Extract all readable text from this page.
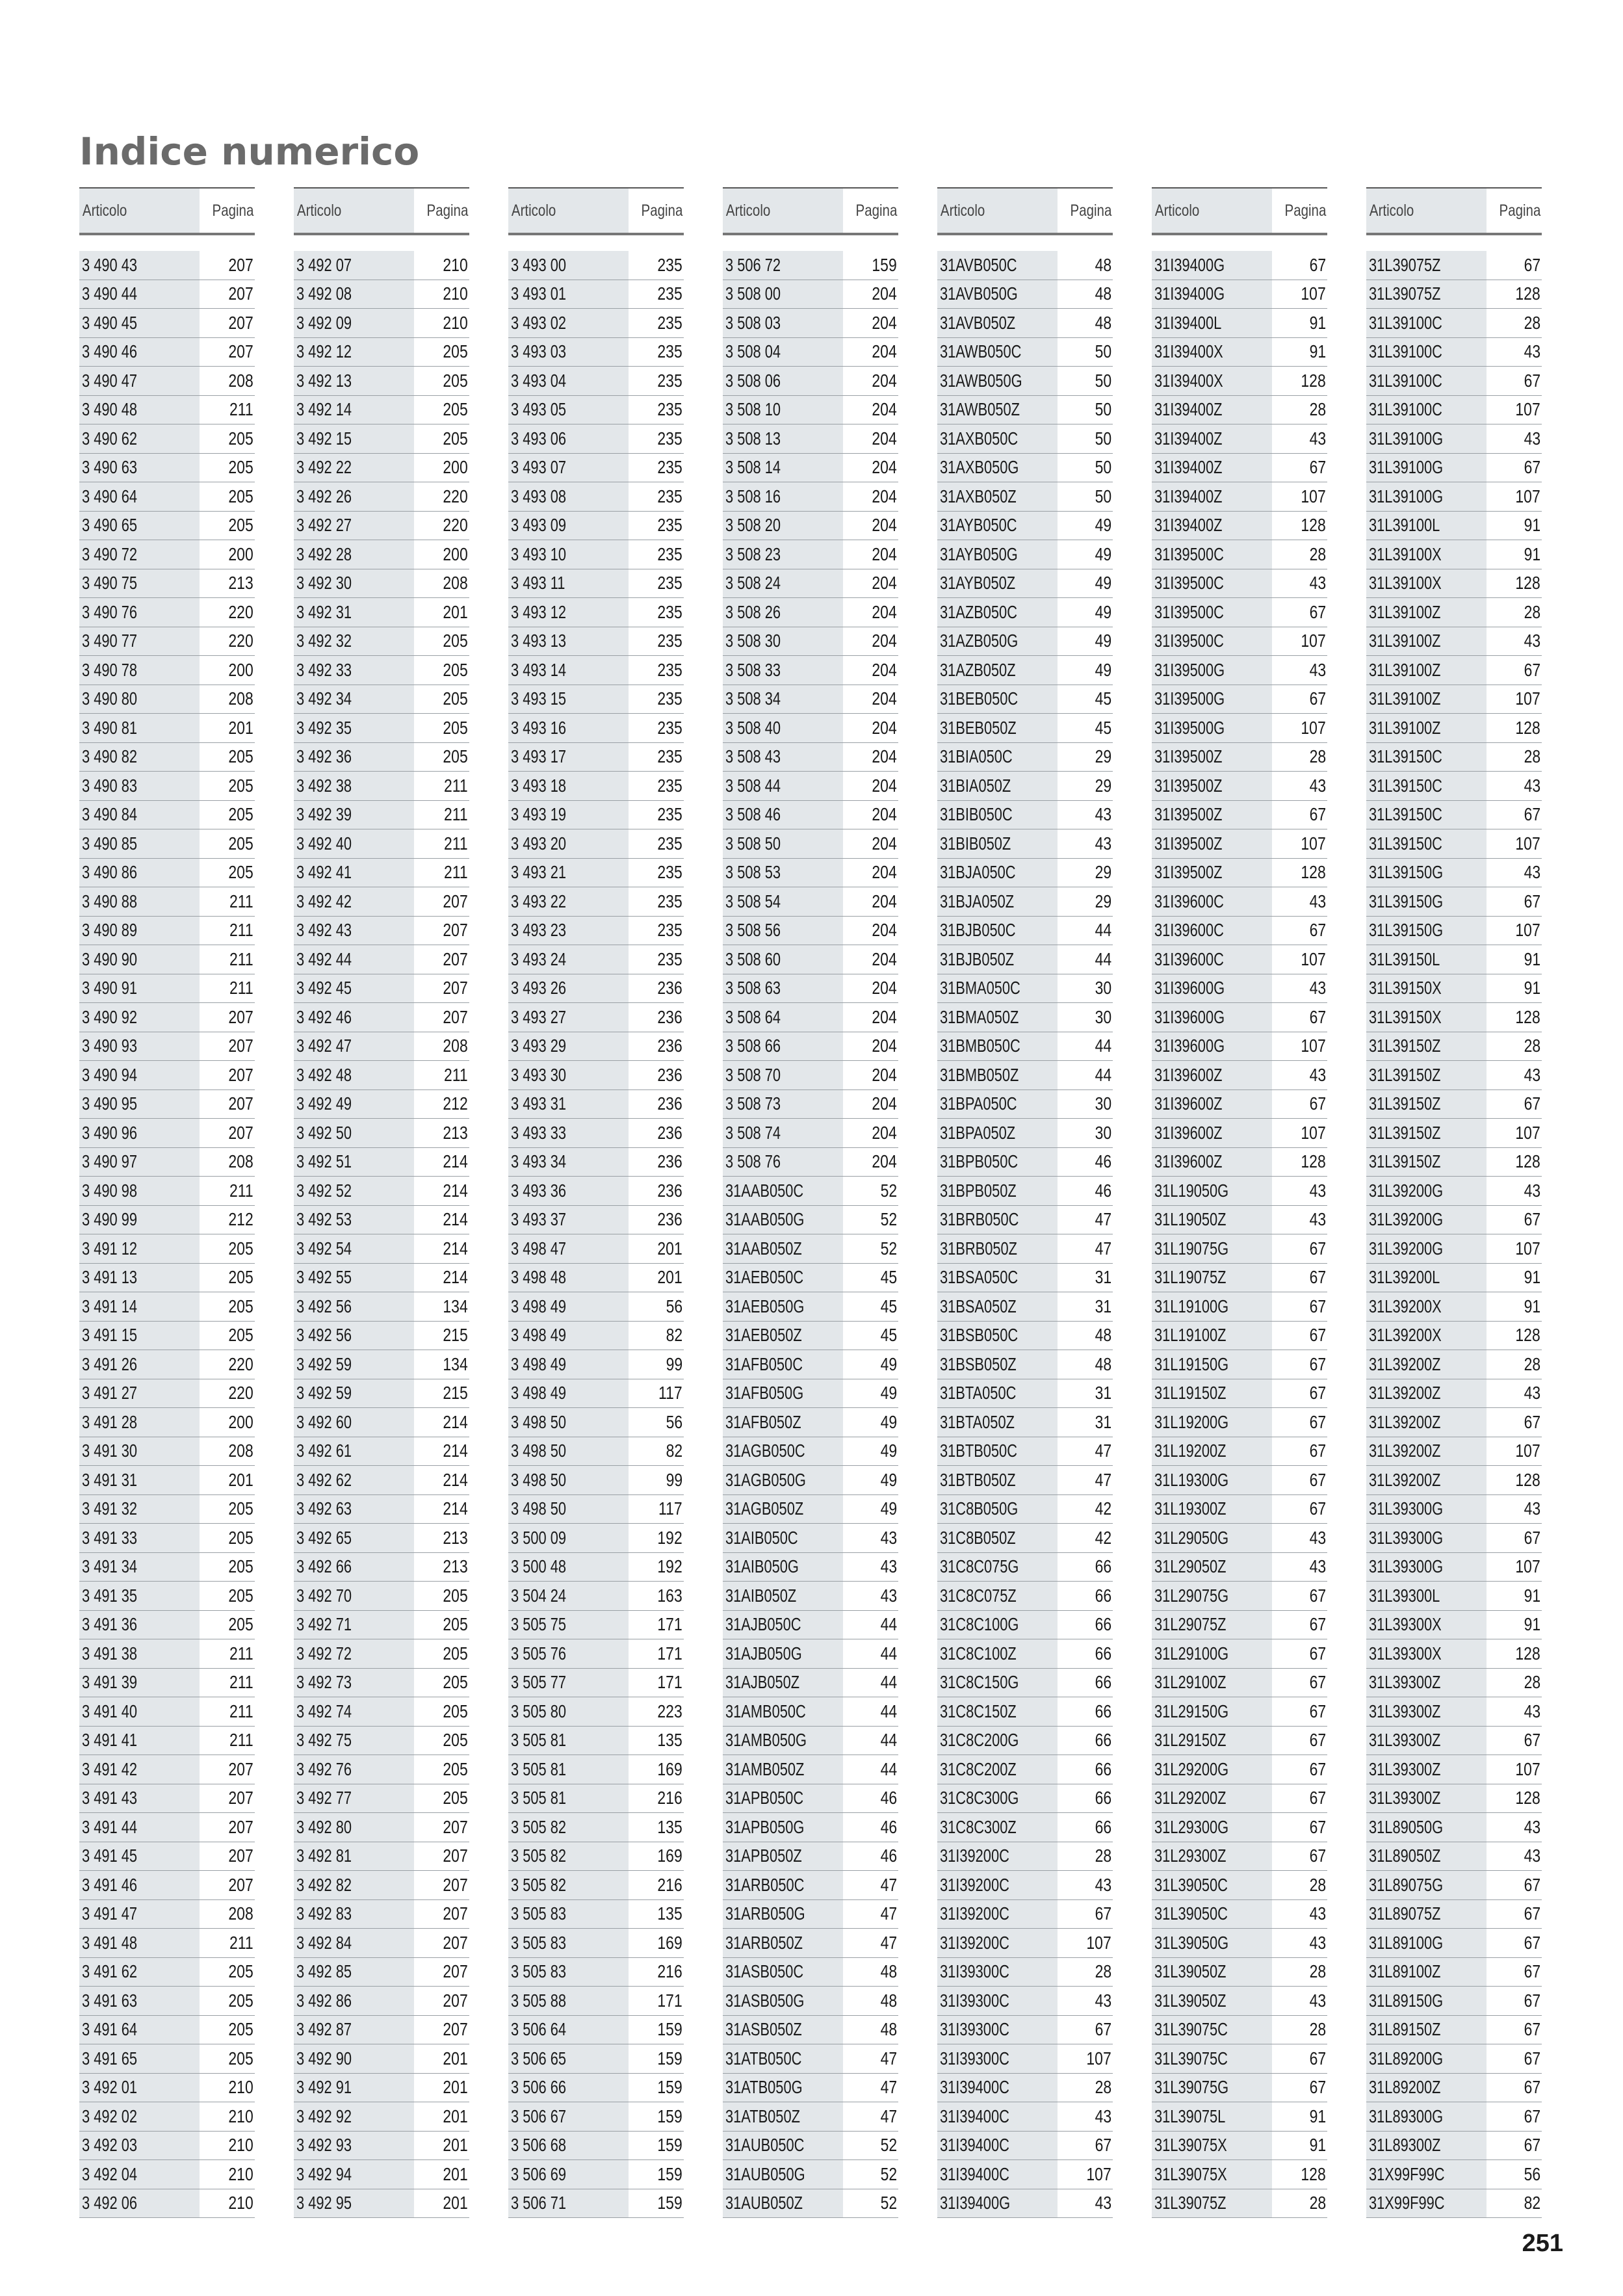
Indice numerico
Articolo	Pagina
3 490 43	207
3 490 44	207
3 490 45	207
3 490 46	207
3 490 47	208
3 490 48	211
3 490 62	205
3 490 63	205
3 490 64	205
3 490 65	205
3 490 72	200
3 490 75	213
3 490 76	220
3 490 77	220
3 490 78	200
3 490 80	208
3 490 81	201
3 490 82	205
3 490 83	205
3 490 84	205
3 490 85	205
3 490 86	205
3 490 88	211
3 490 89	211
3 490 90	211
3 490 91	211
3 490 92	207
3 490 93	207
3 490 94	207
3 490 95	207
3 490 96	207
3 490 97	208
3 490 98	211
3 490 99	212
3 491 12	205
3 491 13	205
3 491 14	205
3 491 15	205
3 491 26	220
3 491 27	220
3 491 28	200
3 491 30	208
3 491 31	201
3 491 32	205
3 491 33	205
3 491 34	205
3 491 35	205
3 491 36	205
3 491 38	211
3 491 39	211
3 491 40	211
3 491 41	211
3 491 42	207
3 491 43	207
3 491 44	207
3 491 45	207
3 491 46	207
3 491 47	208
3 491 48	211
3 491 62	205
3 491 63	205
3 491 64	205
3 491 65	205
3 492 01	210
3 492 02	210
3 492 03	210
3 492 04	210
3 492 06	210
Articolo	Pagina
3 492 07	210
3 492 08	210
3 492 09	210
3 492 12	205
3 492 13	205
3 492 14	205
3 492 15	205
3 492 22	200
3 492 26	220
3 492 27	220
3 492 28	200
3 492 30	208
3 492 31	201
3 492 32	205
3 492 33	205
3 492 34	205
3 492 35	205
3 492 36	205
3 492 38	211
3 492 39	211
3 492 40	211
3 492 41	211
3 492 42	207
3 492 43	207
3 492 44	207
3 492 45	207
3 492 46	207
3 492 47	208
3 492 48	211
3 492 49	212
3 492 50	213
3 492 51	214
3 492 52	214
3 492 53	214
3 492 54	214
3 492 55	214
3 492 56	134
3 492 56	215
3 492 59	134
3 492 59	215
3 492 60	214
3 492 61	214
3 492 62	214
3 492 63	214
3 492 65	213
3 492 66	213
3 492 70	205
3 492 71	205
3 492 72	205
3 492 73	205
3 492 74	205
3 492 75	205
3 492 76	205
3 492 77	205
3 492 80	207
3 492 81	207
3 492 82	207
3 492 83	207
3 492 84	207
3 492 85	207
3 492 86	207
3 492 87	207
3 492 90	201
3 492 91	201
3 492 92	201
3 492 93	201
3 492 94	201
3 492 95	201
Articolo	Pagina
3 493 00	235
3 493 01	235
3 493 02	235
3 493 03	235
3 493 04	235
3 493 05	235
3 493 06	235
3 493 07	235
3 493 08	235
3 493 09	235
3 493 10	235
3 493 11	235
3 493 12	235
3 493 13	235
3 493 14	235
3 493 15	235
3 493 16	235
3 493 17	235
3 493 18	235
3 493 19	235
3 493 20	235
3 493 21	235
3 493 22	235
3 493 23	235
3 493 24	235
3 493 26	236
3 493 27	236
3 493 29	236
3 493 30	236
3 493 31	236
3 493 33	236
3 493 34	236
3 493 36	236
3 493 37	236
3 498 47	201
3 498 48	201
3 498 49	56
3 498 49	82
3 498 49	99
3 498 49	117
3 498 50	56
3 498 50	82
3 498 50	99
3 498 50	117
3 500 09	192
3 500 48	192
3 504 24	163
3 505 75	171
3 505 76	171
3 505 77	171
3 505 80	223
3 505 81	135
3 505 81	169
3 505 81	216
3 505 82	135
3 505 82	169
3 505 82	216
3 505 83	135
3 505 83	169
3 505 83	216
3 505 88	171
3 506 64	159
3 506 65	159
3 506 66	159
3 506 67	159
3 506 68	159
3 506 69	159
3 506 71	159
Articolo	Pagina
3 506 72	159
3 508 00	204
3 508 03	204
3 508 04	204
3 508 06	204
3 508 10	204
3 508 13	204
3 508 14	204
3 508 16	204
3 508 20	204
3 508 23	204
3 508 24	204
3 508 26	204
3 508 30	204
3 508 33	204
3 508 34	204
3 508 40	204
3 508 43	204
3 508 44	204
3 508 46	204
3 508 50	204
3 508 53	204
3 508 54	204
3 508 56	204
3 508 60	204
3 508 63	204
3 508 64	204
3 508 66	204
3 508 70	204
3 508 73	204
3 508 74	204
3 508 76	204
31AAB050C	52
31AAB050G	52
31AAB050Z	52
31AEB050C	45
31AEB050G	45
31AEB050Z	45
31AFB050C	49
31AFB050G	49
31AFB050Z	49
31AGB050C	49
31AGB050G	49
31AGB050Z	49
31AIB050C	43
31AIB050G	43
31AIB050Z	43
31AJB050C	44
31AJB050G	44
31AJB050Z	44
31AMB050C	44
31AMB050G	44
31AMB050Z	44
31APB050C	46
31APB050G	46
31APB050Z	46
31ARB050C	47
31ARB050G	47
31ARB050Z	47
31ASB050C	48
31ASB050G	48
31ASB050Z	48
31ATB050C	47
31ATB050G	47
31ATB050Z	47
31AUB050C	52
31AUB050G	52
31AUB050Z	52
Articolo	Pagina
31AVB050C	48
31AVB050G	48
31AVB050Z	48
31AWB050C	50
31AWB050G	50
31AWB050Z	50
31AXB050C	50
31AXB050G	50
31AXB050Z	50
31AYB050C	49
31AYB050G	49
31AYB050Z	49
31AZB050C	49
31AZB050G	49
31AZB050Z	49
31BEB050C	45
31BEB050Z	45
31BIA050C	29
31BIA050Z	29
31BIB050C	43
31BIB050Z	43
31BJA050C	29
31BJA050Z	29
31BJB050C	44
31BJB050Z	44
31BMA050C	30
31BMA050Z	30
31BMB050C	44
31BMB050Z	44
31BPA050C	30
31BPA050Z	30
31BPB050C	46
31BPB050Z	46
31BRB050C	47
31BRB050Z	47
31BSA050C	31
31BSA050Z	31
31BSB050C	48
31BSB050Z	48
31BTA050C	31
31BTA050Z	31
31BTB050C	47
31BTB050Z	47
31C8B050G	42
31C8B050Z	42
31C8C075G	66
31C8C075Z	66
31C8C100G	66
31C8C100Z	66
31C8C150G	66
31C8C150Z	66
31C8C200G	66
31C8C200Z	66
31C8C300G	66
31C8C300Z	66
31I39200C	28
31I39200C	43
31I39200C	67
31I39200C	107
31I39300C	28
31I39300C	43
31I39300C	67
31I39300C	107
31I39400C	28
31I39400C	43
31I39400C	67
31I39400C	107
31I39400G	43
Articolo	Pagina
31I39400G	67
31I39400G	107
31I39400L	91
31I39400X	91
31I39400X	128
31I39400Z	28
31I39400Z	43
31I39400Z	67
31I39400Z	107
31I39400Z	128
31I39500C	28
31I39500C	43
31I39500C	67
31I39500C	107
31I39500G	43
31I39500G	67
31I39500G	107
31I39500Z	28
31I39500Z	43
31I39500Z	67
31I39500Z	107
31I39500Z	128
31I39600C	43
31I39600C	67
31I39600C	107
31I39600G	43
31I39600G	67
31I39600G	107
31I39600Z	43
31I39600Z	67
31I39600Z	107
31I39600Z	128
31L19050G	43
31L19050Z	43
31L19075G	67
31L19075Z	67
31L19100G	67
31L19100Z	67
31L19150G	67
31L19150Z	67
31L19200G	67
31L19200Z	67
31L19300G	67
31L19300Z	67
31L29050G	43
31L29050Z	43
31L29075G	67
31L29075Z	67
31L29100G	67
31L29100Z	67
31L29150G	67
31L29150Z	67
31L29200G	67
31L29200Z	67
31L29300G	67
31L29300Z	67
31L39050C	28
31L39050C	43
31L39050G	43
31L39050Z	28
31L39050Z	43
31L39075C	28
31L39075C	67
31L39075G	67
31L39075L	91
31L39075X	91
31L39075X	128
31L39075Z	28
Articolo	Pagina
31L39075Z	67
31L39075Z	128
31L39100C	28
31L39100C	43
31L39100C	67
31L39100C	107
31L39100G	43
31L39100G	67
31L39100G	107
31L39100L	91
31L39100X	91
31L39100X	128
31L39100Z	28
31L39100Z	43
31L39100Z	67
31L39100Z	107
31L39100Z	128
31L39150C	28
31L39150C	43
31L39150C	67
31L39150C	107
31L39150G	43
31L39150G	67
31L39150G	107
31L39150L	91
31L39150X	91
31L39150X	128
31L39150Z	28
31L39150Z	43
31L39150Z	67
31L39150Z	107
31L39150Z	128
31L39200G	43
31L39200G	67
31L39200G	107
31L39200L	91
31L39200X	91
31L39200X	128
31L39200Z	28
31L39200Z	43
31L39200Z	67
31L39200Z	107
31L39200Z	128
31L39300G	43
31L39300G	67
31L39300G	107
31L39300L	91
31L39300X	91
31L39300X	128
31L39300Z	28
31L39300Z	43
31L39300Z	67
31L39300Z	107
31L39300Z	128
31L89050G	43
31L89050Z	43
31L89075G	67
31L89075Z	67
31L89100G	67
31L89100Z	67
31L89150G	67
31L89150Z	67
31L89200G	67
31L89200Z	67
31L89300G	67
31L89300Z	67
31X99F99C	56
31X99F99C	82
251
